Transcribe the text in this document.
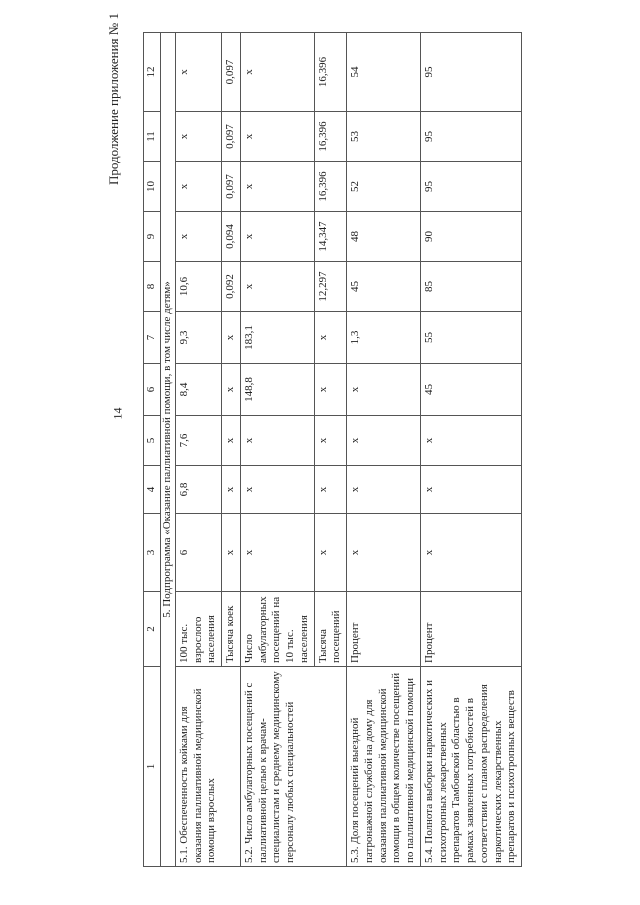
14
Продолжение приложения № 1
1	2	3	4	5	6	7	8	9	10	11	12
5. Подпрограмма «Оказание паллиативной помощи, в том числе детям»											
5.1. Обеспеченность койками для оказания паллиативной медицинской помощи взрослых	100 тыс. взрослого населения	6	6,8	7,6	8,4	9,3	10,6	х	х	х	х
	Тысяча коек	х	х	х	х	х	0,092	0,094	0,097	0,097	0,097
5.2. Число амбулаторных посещений с паллиативной целью к врачам-специалистам и среднему медицинскому персоналу любых специальностей	Число амбулаторных посещений на 10 тыс. населения	х	х	х	148,8	183,1	х	х	х	х	х
	Тысяча посещений	х	х	х	х	х	12,297	14,347	16,396	16,396	16,396
5.3. Доля посещений выездной патронажной службой на дому для оказания паллиативной медицинской помощи в общем количестве посещений по паллиативной медицинской помощи	Процент	х	х	х	х	1,3	45	48	52	53	54
5.4. Полнота выборки наркотических и психотропных лекарственных препаратов Тамбовской областью в рамках заявленных потребностей в соответствии с планом распределения наркотических лекарственных препаратов и психотропных веществ	Процент	х	х	х	45	55	85	90	95	95	95
